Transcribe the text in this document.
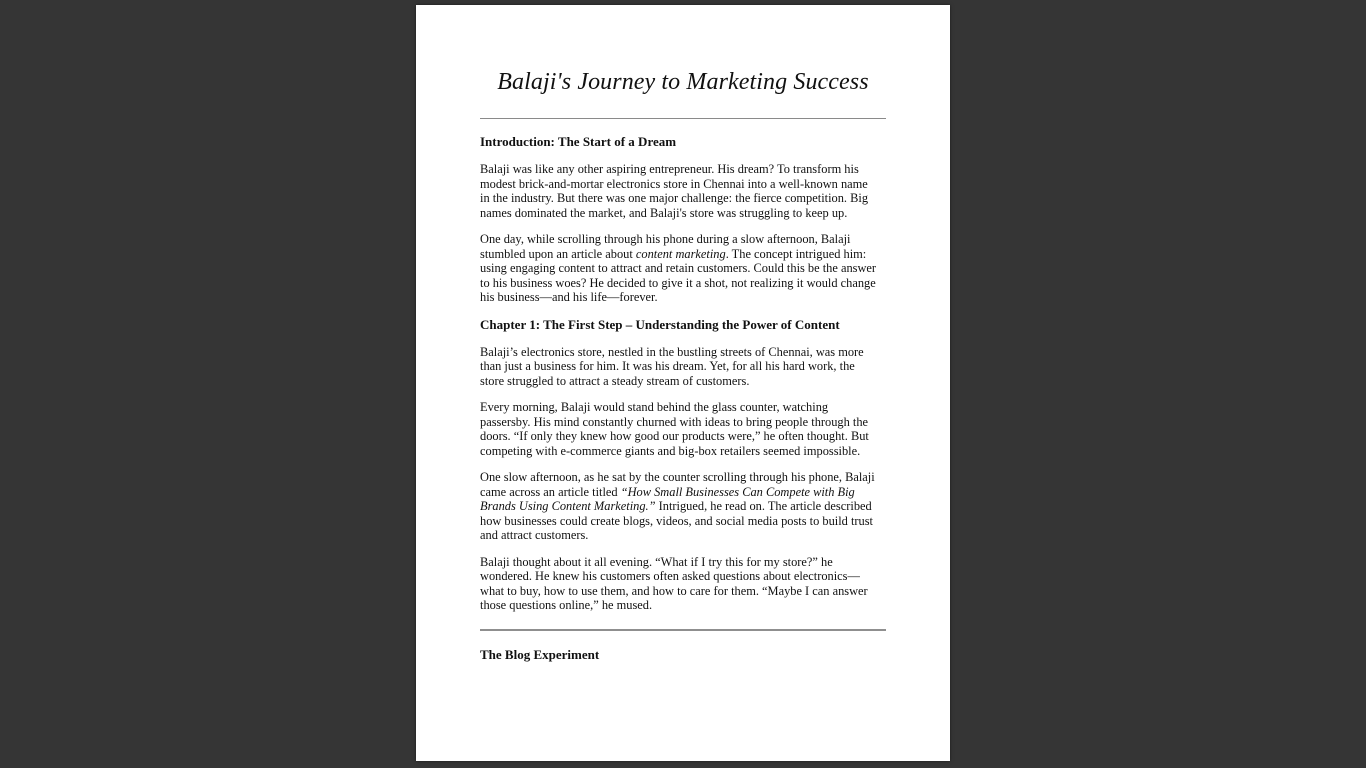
Balaji's Journey to Marketing Success

Introduction: The Start of a Dream

Balaji was like any other aspiring entrepreneur. His dream? To transform his
modest brick-and-mortar electronics store in Chennai into a well-known name
in the industry. But there was one major challenge: the fierce competition. Big
names dominated the market, and Balaji's store was struggling to keep up.

One day, while scrolling through his phone during a slow afternoon, Balaji
stumbled upon an article about content marketing. The concept intrigued him:
using engaging content to attract and retain customers. Could this be the answer
to his business woes? He decided to give it a shot, not realizing it would change
his business—and his life—forever.

Chapter 1: The First Step – Understanding the Power of Content

Balaji’s electronics store, nestled in the bustling streets of Chennai, was more
than just a business for him. It was his dream. Yet, for all his hard work, the
store struggled to attract a steady stream of customers.

Every morning, Balaji would stand behind the glass counter, watching
passersby. His mind constantly churned with ideas to bring people through the
doors. “If only they knew how good our products were,” he often thought. But
competing with e-commerce giants and big-box retailers seemed impossible.

One slow afternoon, as he sat by the counter scrolling through his phone, Balaji
came across an article titled “How Small Businesses Can Compete with Big
Brands Using Content Marketing.” Intrigued, he read on. The article described
how businesses could create blogs, videos, and social media posts to build trust
and attract customers.

Balaji thought about it all evening. “What if I try this for my store?” he
wondered. He knew his customers often asked questions about electronics—
what to buy, how to use them, and how to care for them. “Maybe I can answer
those questions online,” he mused.

The Blog Experiment
